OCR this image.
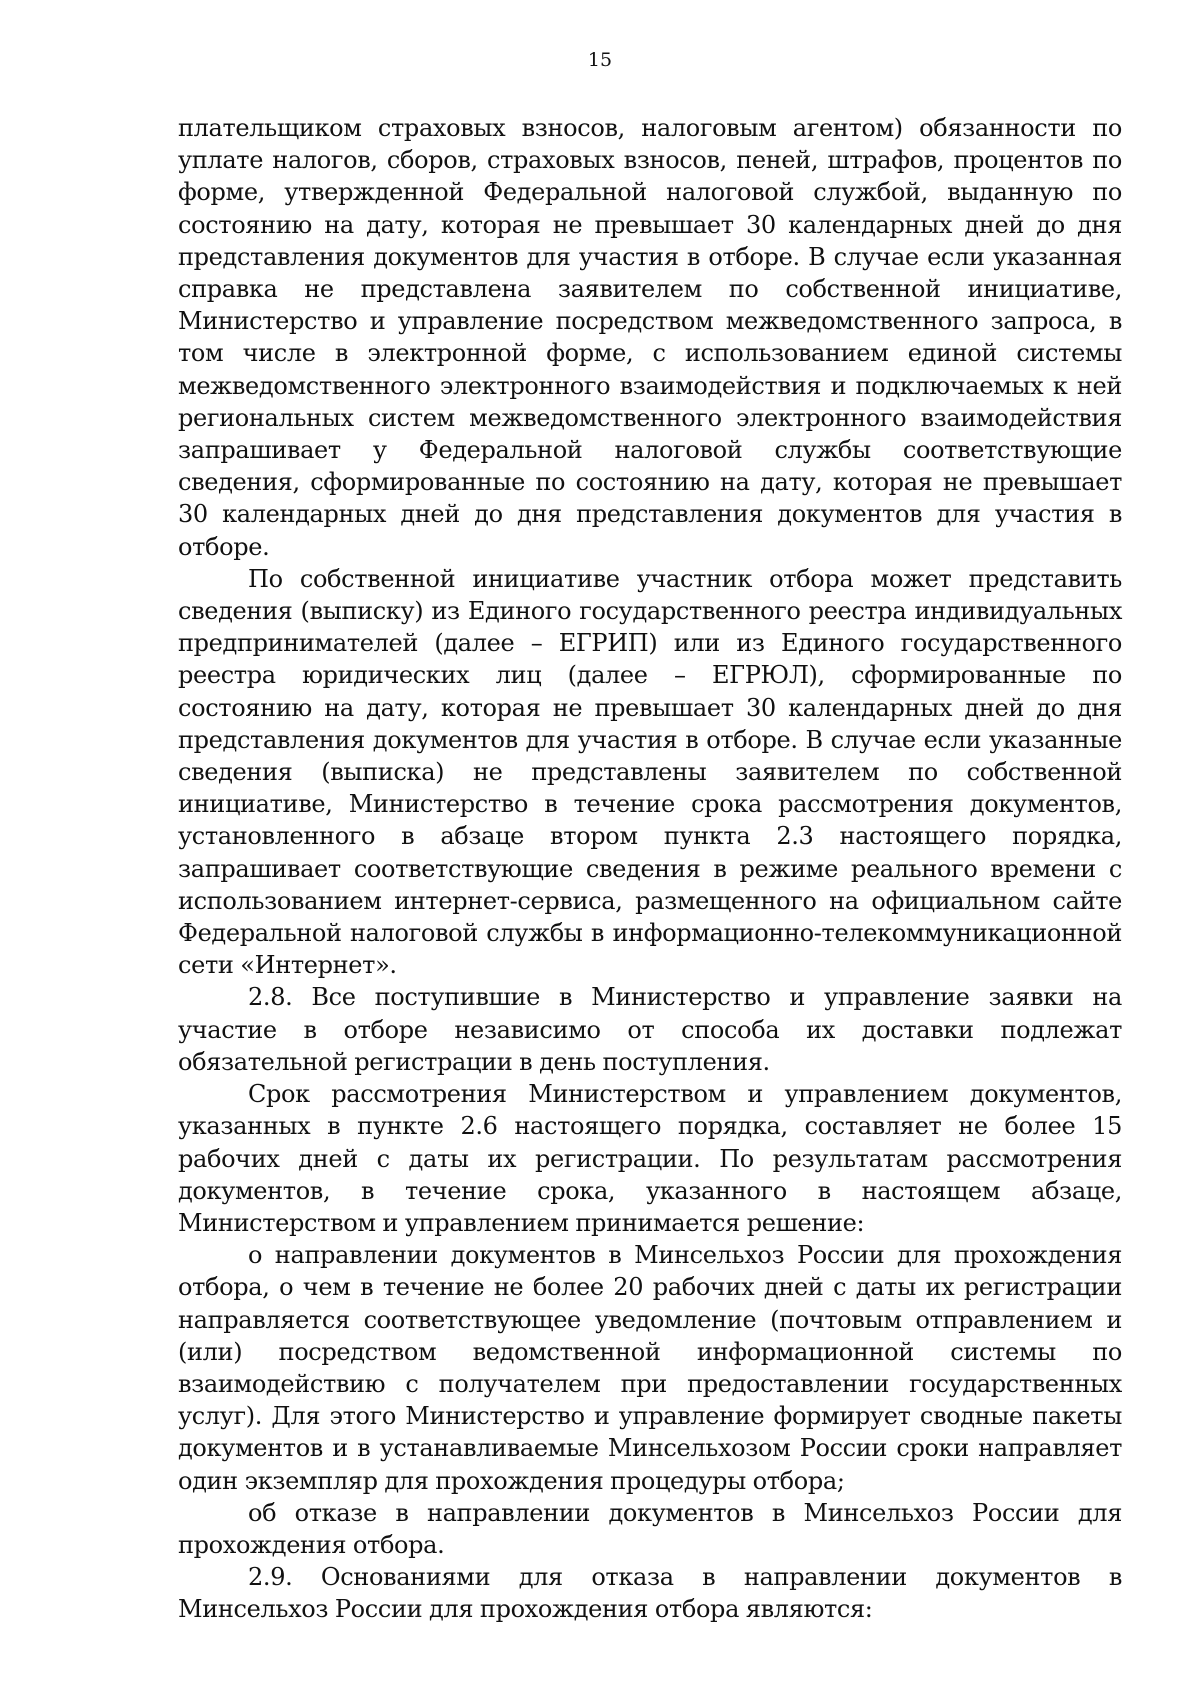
15

плательщиком страховых взносов, налоговым агентом) обязанности по уплате налогов, сборов, страховых взносов, пеней, штрафов, процентов по форме, утвержденной Федеральной налоговой службой, выданную по состоянию на дату, которая не превышает 30 календарных дней до дня представления документов для участия в отборе. В случае если указанная справка не представлена заявителем по собственной инициативе, Министерство и управление посредством межведомственного запроса, в том числе в электронной форме, с использованием единой системы межведомственного электронного взаимодействия и подключаемых к ней региональных систем межведомственного электронного взаимодействия запрашивает у Федеральной налоговой службы соответствующие сведения, сформированные по состоянию на дату, которая не превышает 30 календарных дней до дня представления документов для участия в отборе.

По собственной инициативе участник отбора может представить сведения (выписку) из Единого государственного реестра индивидуальных предпринимателей (далее – ЕГРИП) или из Единого государственного реестра юридических лиц (далее – ЕГРЮЛ), сформированные по состоянию на дату, которая не превышает 30 календарных дней до дня представления документов для участия в отборе. В случае если указанные сведения (выписка) не представлены заявителем по собственной инициативе, Министерство в течение срока рассмотрения документов, установленного в абзаце втором пункта 2.3 настоящего порядка, запрашивает соответствующие сведения в режиме реального времени с использованием интернет-сервиса, размещенного на официальном сайте Федеральной налоговой службы в информационно-телекоммуникационной сети «Интернет».

2.8. Все поступившие в Министерство и управление заявки на участие в отборе независимо от способа их доставки подлежат обязательной регистрации в день поступления.

Срок рассмотрения Министерством и управлением документов, указанных в пункте 2.6 настоящего порядка, составляет не более 15 рабочих дней с даты их регистрации. По результатам рассмотрения документов, в течение срока, указанного в настоящем абзаце, Министерством и управлением принимается решение:

о направлении документов в Минсельхоз России для прохождения отбора, о чем в течение не более 20 рабочих дней с даты их регистрации направляется соответствующее уведомление (почтовым отправлением и (или) посредством ведомственной информационной системы по взаимодействию с получателем при предоставлении государственных услуг). Для этого Министерство и управление формирует сводные пакеты документов и в устанавливаемые Минсельхозом России сроки направляет один экземпляр для прохождения процедуры отбора;

об отказе в направлении документов в Минсельхоз России для прохождения отбора.

2.9. Основаниями для отказа в направлении документов в Минсельхоз России для прохождения отбора являются:
